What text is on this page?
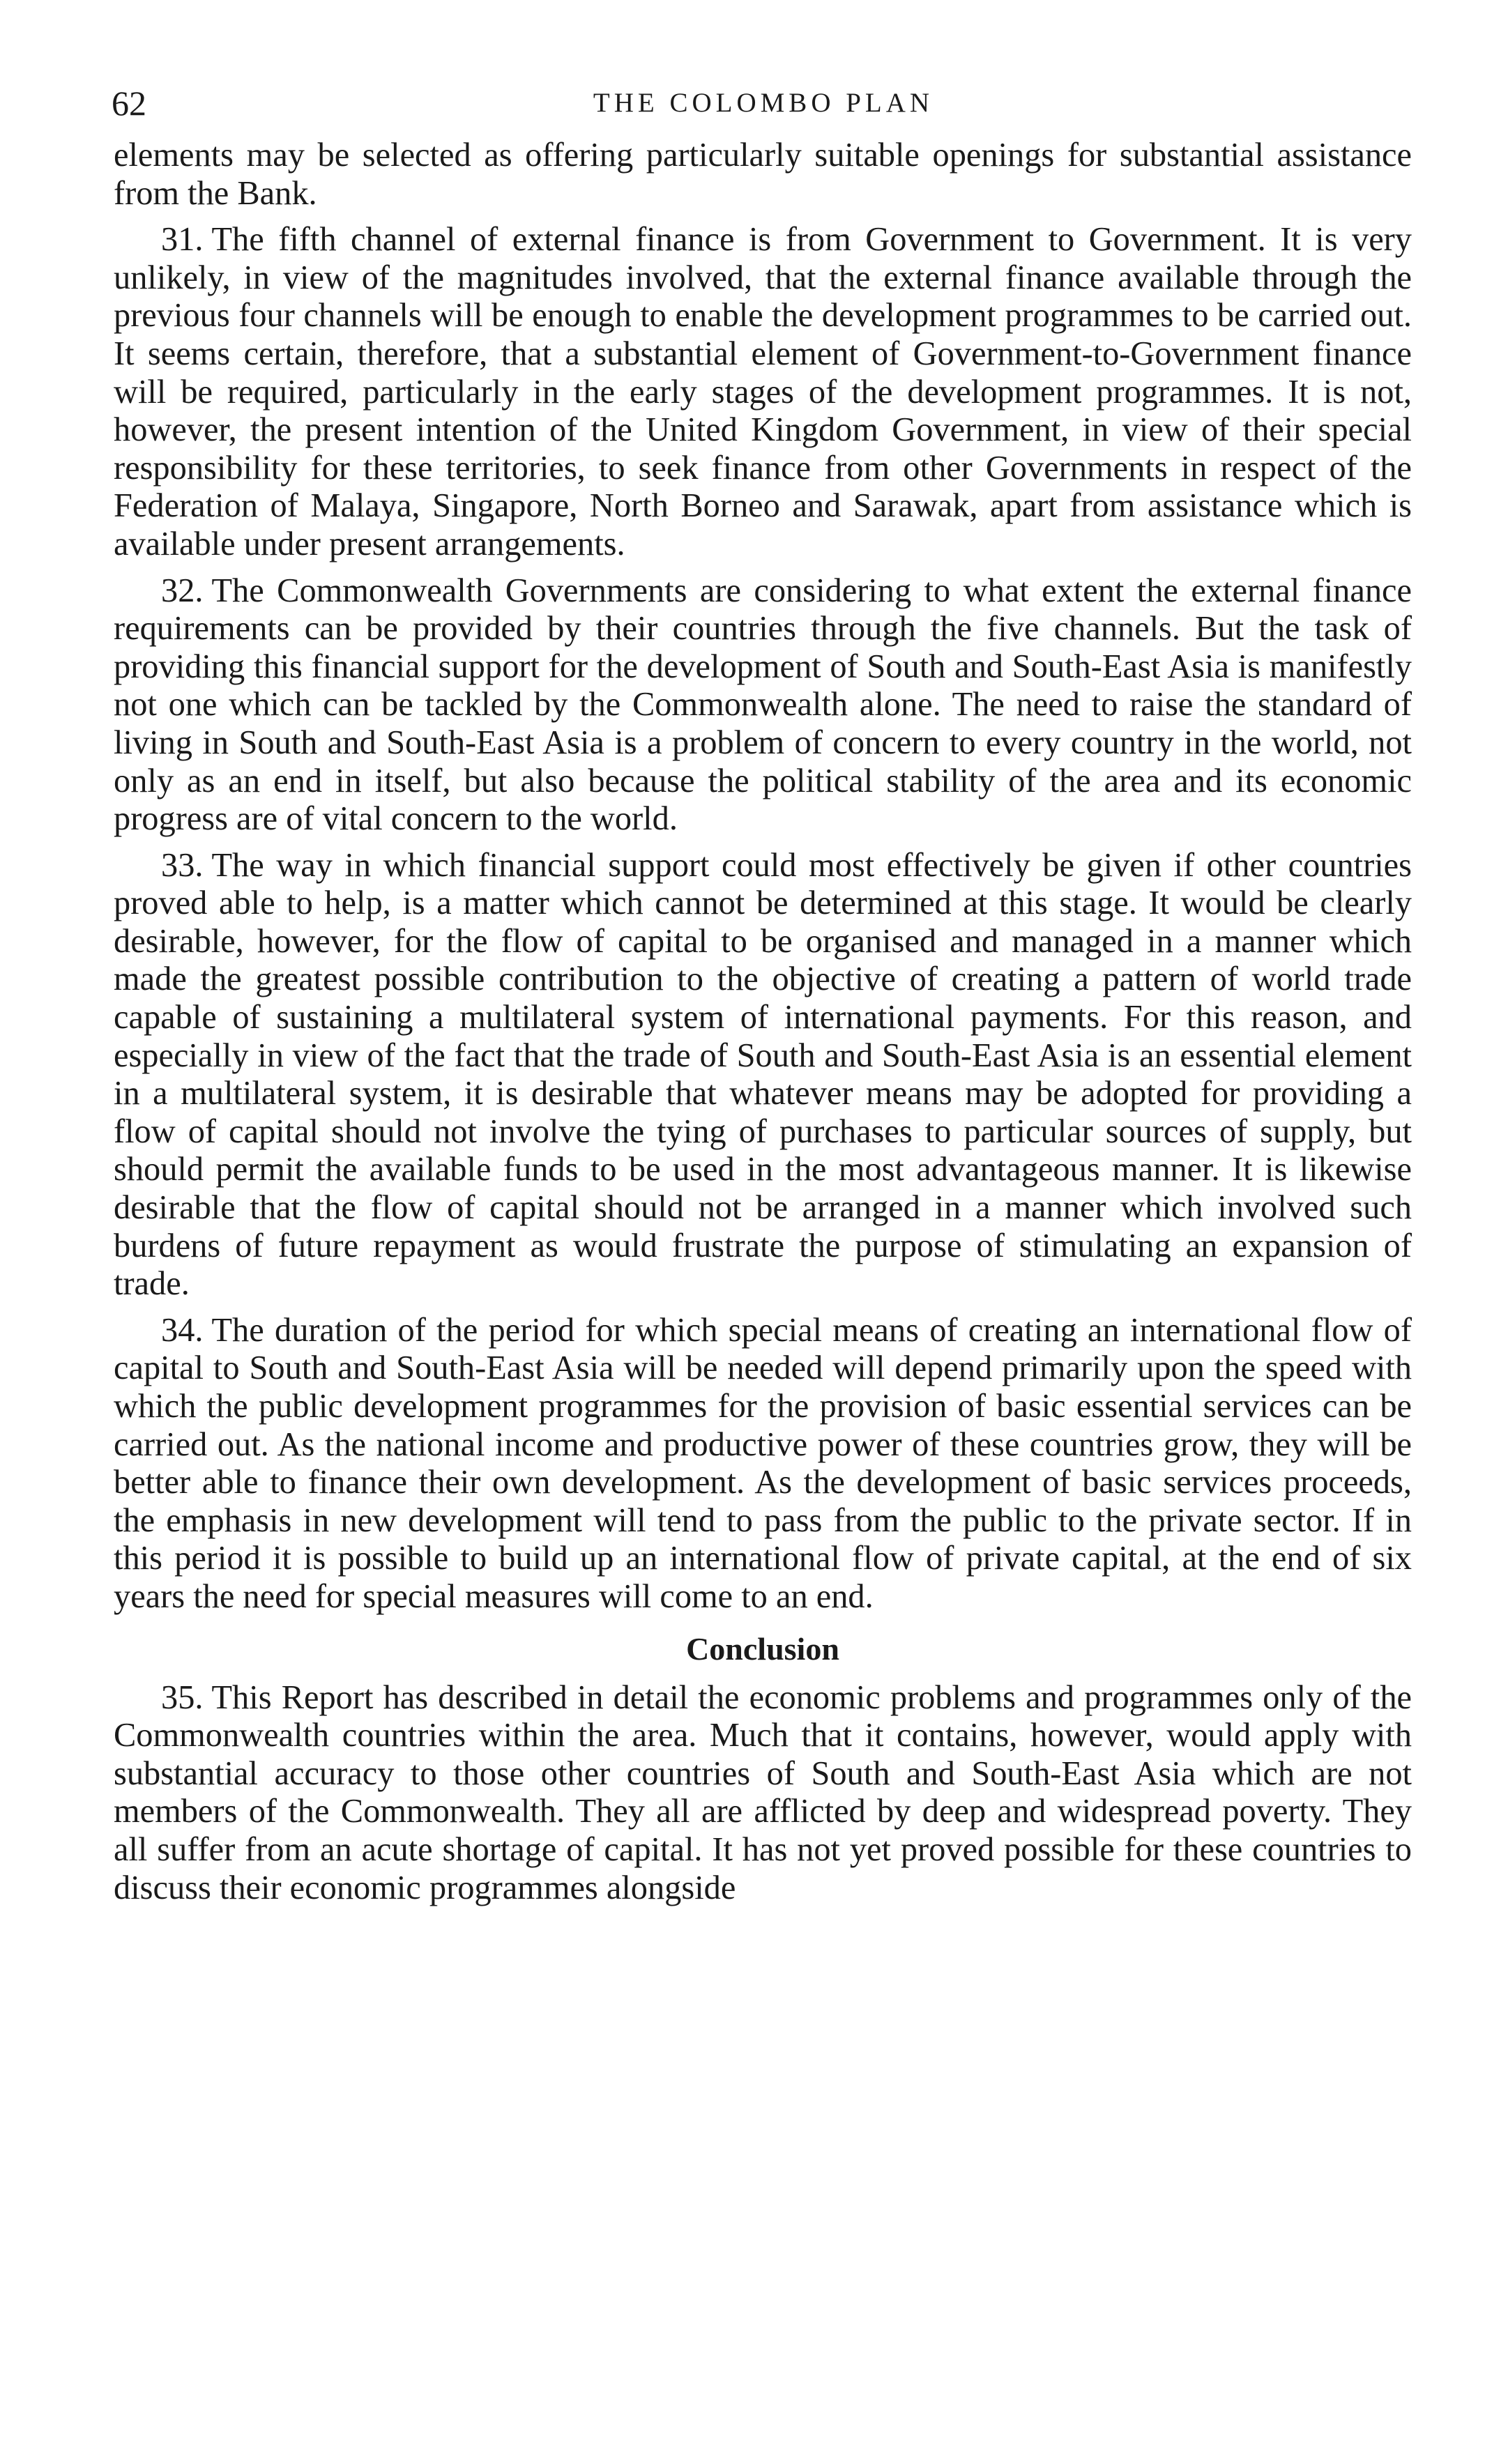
62	THE COLOMBO PLAN

elements may be selected as offering particularly suitable openings for substantial assistance from the Bank.

31. The fifth channel of external finance is from Government to Government. It is very unlikely, in view of the magnitudes involved, that the external finance available through the previous four channels will be enough to enable the development programmes to be carried out. It seems certain, therefore, that a substantial element of Government-to-Government finance will be required, particularly in the early stages of the development programmes. It is not, however, the present intention of the United Kingdom Government, in view of their special responsibility for these territories, to seek finance from other Governments in respect of the Federation of Malaya, Singapore, North Borneo and Sarawak, apart from assistance which is available under present arrangements.

32. The Commonwealth Governments are considering to what extent the external finance requirements can be provided by their countries through the five channels. But the task of providing this financial support for the development of South and South-East Asia is manifestly not one which can be tackled by the Commonwealth alone. The need to raise the standard of living in South and South-East Asia is a problem of concern to every country in the world, not only as an end in itself, but also because the political stability of the area and its economic progress are of vital concern to the world.

33. The way in which financial support could most effectively be given if other countries proved able to help, is a matter which cannot be determined at this stage. It would be clearly desirable, however, for the flow of capital to be organised and managed in a manner which made the greatest possible contribution to the objective of creating a pattern of world trade capable of sustaining a multilateral system of international payments. For this reason, and especially in view of the fact that the trade of South and South-East Asia is an essential element in a multilateral system, it is desirable that whatever means may be adopted for providing a flow of capital should not involve the tying of purchases to particular sources of supply, but should permit the available funds to be used in the most advantageous manner. It is likewise desirable that the flow of capital should not be arranged in a manner which involved such burdens of future repayment as would frustrate the purpose of stimulating an expansion of trade.

34. The duration of the period for which special means of creating an international flow of capital to South and South-East Asia will be needed will depend primarily upon the speed with which the public development programmes for the provision of basic essential services can be carried out. As the national income and productive power of these countries grow, they will be better able to finance their own development. As the development of basic services proceeds, the emphasis in new development will tend to pass from the public to the private sector. If in this period it is possible to build up an international flow of private capital, at the end of six years the need for special measures will come to an end.

Conclusion

35. This Report has described in detail the economic problems and programmes only of the Commonwealth countries within the area. Much that it contains, however, would apply with substantial accuracy to those other countries of South and South-East Asia which are not members of the Commonwealth. They all are afflicted by deep and widespread poverty. They all suffer from an acute shortage of capital. It has not yet proved possible for these countries to discuss their economic programmes alongside
